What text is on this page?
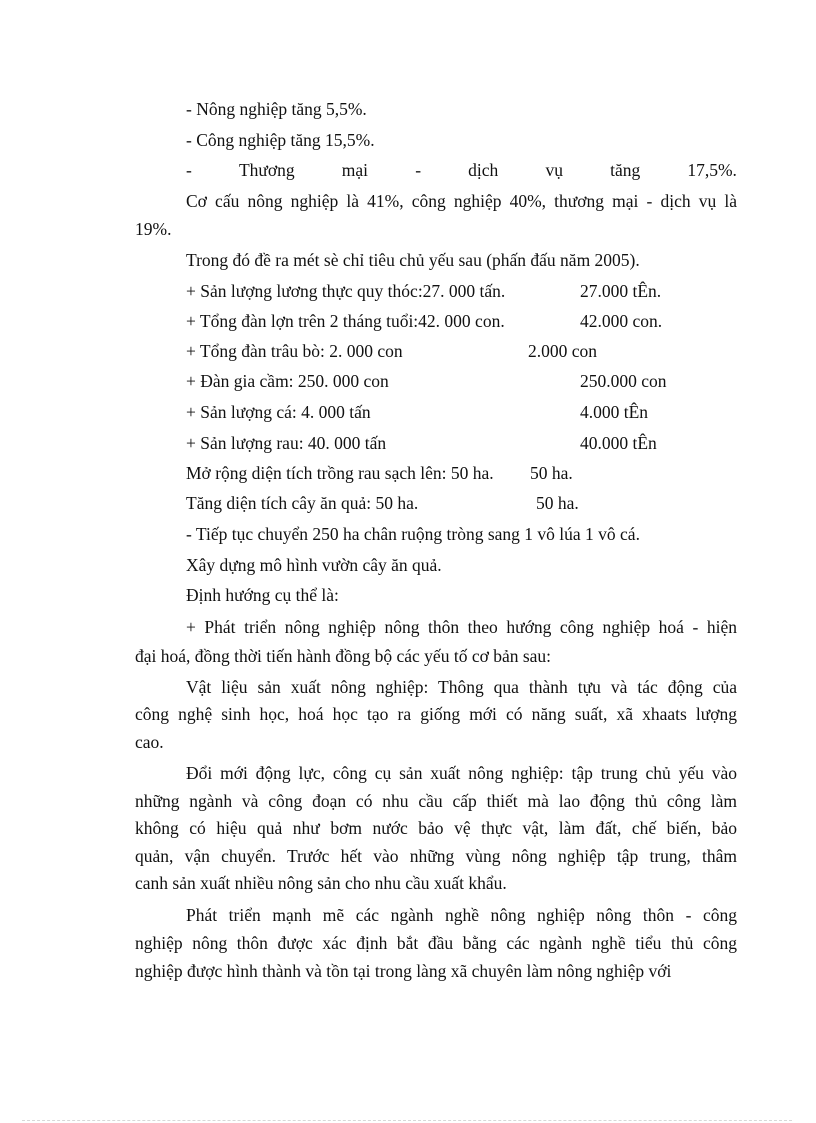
- Nông nghiệp tăng 5,5%.

- Công nghiệp tăng 15,5%.

-	Thương	mại	-	dịch	vụ	tăng	17,5%.

Cơ cấu nông nghiệp là 41%, công nghiệp 40%, thương mại - dịch vụ là

19%.

Trong đó đề ra mét sè chỉ tiêu chủ yếu sau (phấn đấu năm 2005).

+ Sản lượng lương thực quy thóc:27. 000 tấn.	27.000 tÊn.

+ Tổng đàn lợn trên 2 tháng tuổi:42. 000 con.	42.000 con.

+ Tổng đàn trâu bò: 2. 000 con	2.000 con

+ Đàn gia cầm: 250. 000 con	250.000 con

+ Sản lượng cá: 4. 000 tấn	4.000 tÊn

+ Sản lượng rau: 40. 000 tấn	40.000 tÊn

Mở rộng diện tích trồng rau sạch lên: 50 ha. 50 ha.

Tăng diện tích cây ăn quả: 50 ha.	50 ha.

- Tiếp tục chuyển 250 ha chân ruộng tròng sang 1 vô lúa 1 vô cá.

Xây dựng mô hình vườn cây ăn quả.

Định hướng cụ thể là:

+ Phát triển nông nghiệp nông thôn theo hướng công nghiệp hoá - hiện

đại hoá, đồng thời tiến hành đồng bộ các yếu tố cơ bản sau:

Vật liệu sản xuất nông nghiệp: Thông qua thành tựu và tác động của

công nghệ sinh học, hoá học tạo ra giống mới có năng suất, xã xhaats lượng

cao.

Đổi mới động lực, công cụ sản xuất nông nghiệp: tập trung chủ yếu vào

những ngành và công đoạn có nhu cầu cấp thiết mà lao động thủ công làm

không có hiệu quả như bơm nước bảo vệ thực vật, làm đất, chế biến, bảo

quản, vận chuyển. Trước hết vào những vùng nông nghiệp tập trung, thâm

canh sản xuất nhiều nông sản cho nhu cầu xuất khẩu.

Phát triển mạnh mẽ các ngành nghề nông nghiệp nông thôn - công

nghiệp nông thôn được xác định bắt đầu bằng các ngành nghề tiểu thủ công

nghiệp được hình thành và tồn tại trong làng xã chuyên làm nông nghiệp với
